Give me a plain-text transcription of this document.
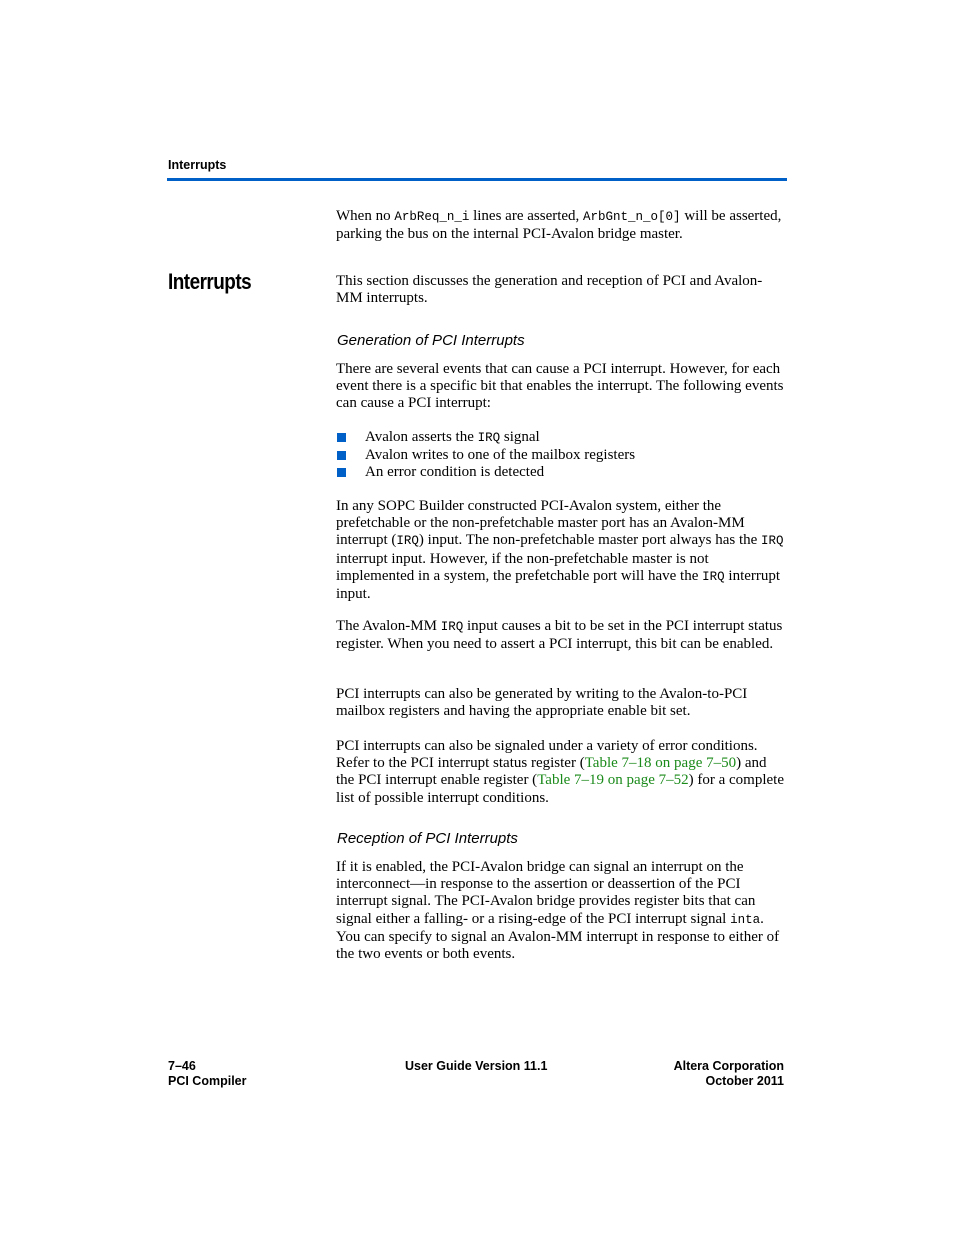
Interrupts

When no ArbReq_n_i lines are asserted, ArbGnt_n_o[0] will be asserted, parking the bus on the internal PCI-Avalon bridge master.

Interrupts	This section discusses the generation and reception of PCI and Avalon-MM interrupts.

Generation of PCI Interrupts

There are several events that can cause a PCI interrupt. However, for each event there is a specific bit that enables the interrupt. The following events can cause a PCI interrupt:

Avalon asserts the IRQ signal
Avalon writes to one of the mailbox registers
An error condition is detected

In any SOPC Builder constructed PCI-Avalon system, either the prefetchable or the non-prefetchable master port has an Avalon-MM interrupt (IRQ) input. The non-prefetchable master port always has the IRQ interrupt input. However, if the non-prefetchable master is not implemented in a system, the prefetchable port will have the IRQ interrupt input.

The Avalon-MM IRQ input causes a bit to be set in the PCI interrupt status register. When you need to assert a PCI interrupt, this bit can be enabled.

PCI interrupts can also be generated by writing to the Avalon-to-PCI mailbox registers and having the appropriate enable bit set.

PCI interrupts can also be signaled under a variety of error conditions. Refer to the PCI interrupt status register (Table 7–18 on page 7–50) and the PCI interrupt enable register (Table 7–19 on page 7–52) for a complete list of possible interrupt conditions.

Reception of PCI Interrupts

If it is enabled, the PCI-Avalon bridge can signal an interrupt on the interconnect—in response to the assertion or deassertion of the PCI interrupt signal. The PCI-Avalon bridge provides register bits that can signal either a falling- or a rising-edge of the PCI interrupt signal inta. You can specify to signal an Avalon-MM interrupt in response to either of the two events or both events.

7–46
PCI Compiler
User Guide Version 11.1	Altera Corporation
October 2011
